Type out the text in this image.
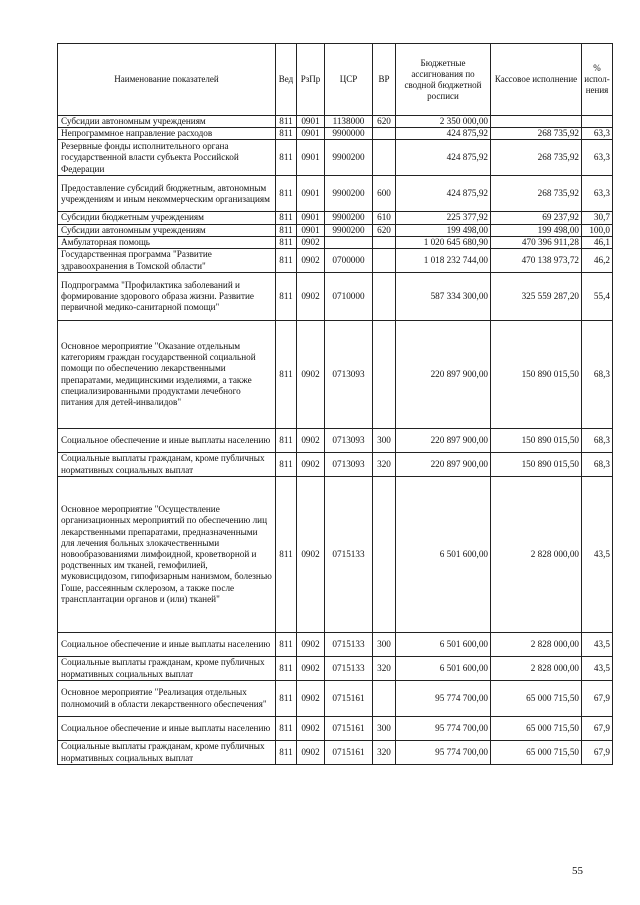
Наименование показателей	Вед	РзПр	ЦСР	ВР	Бюджетные ассигнования по сводной бюджетной росписи	Кассовое исполнение	% испол-нения
Субсидии автономным учреждениям	811	0901	1138000	620	2 350 000,00		
Непрограммное направление расходов	811	0901	9900000		424 875,92	268 735,92	63,3
Резервные фонды исполнительного органа государственной власти субъекта Российской Федерации	811	0901	9900200		424 875,92	268 735,92	63,3
Предоставление субсидий бюджетным, автономным учреждениям и иным некоммерческим организациям	811	0901	9900200	600	424 875,92	268 735,92	63,3
Субсидии бюджетным учреждениям	811	0901	9900200	610	225 377,92	69 237,92	30,7
Субсидии автономным учреждениям	811	0901	9900200	620	199 498,00	199 498,00	100,0
Амбулаторная помощь	811	0902			1 020 645 680,90	470 396 911,28	46,1
Государственная программа "Развитие здравоохранения в Томской области"	811	0902	0700000		1 018 232 744,00	470 138 973,72	46,2
Подпрограмма "Профилактика заболеваний и формирование здорового образа жизни. Развитие первичной медико-санитарной помощи"	811	0902	0710000		587 334 300,00	325 559 287,20	55,4
Основное мероприятие "Оказание отдельным категориям граждан государственной социальной помощи по обеспечению лекарственными препаратами, медицинскими изделиями, а также специализированными продуктами лечебного питания для детей-инвалидов"	811	0902	0713093		220 897 900,00	150 890 015,50	68,3
Социальное обеспечение и иные выплаты населению	811	0902	0713093	300	220 897 900,00	150 890 015,50	68,3
Социальные выплаты гражданам, кроме публичных нормативных социальных выплат	811	0902	0713093	320	220 897 900,00	150 890 015,50	68,3
Основное мероприятие "Осуществление организационных мероприятий по обеспечению лиц лекарственными препаратами, предназначенными для лечения больных злокачественными новообразованиями лимфоидной, кроветворной и родственных им тканей, гемофилией, муковисцидозом, гипофизарным нанизмом, болезнью Гоше, рассеянным склерозом, а также после трансплантации органов и (или) тканей"	811	0902	0715133		6 501 600,00	2 828 000,00	43,5
Социальное обеспечение и иные выплаты населению	811	0902	0715133	300	6 501 600,00	2 828 000,00	43,5
Социальные выплаты гражданам, кроме публичных нормативных социальных выплат	811	0902	0715133	320	6 501 600,00	2 828 000,00	43,5
Основное мероприятие "Реализация отдельных полномочий в области лекарственного обеспечения"	811	0902	0715161		95 774 700,00	65 000 715,50	67,9
Социальное обеспечение и иные выплаты населению	811	0902	0715161	300	95 774 700,00	65 000 715,50	67,9
Социальные выплаты гражданам, кроме публичных нормативных социальных выплат	811	0902	0715161	320	95 774 700,00	65 000 715,50	67,9
55
